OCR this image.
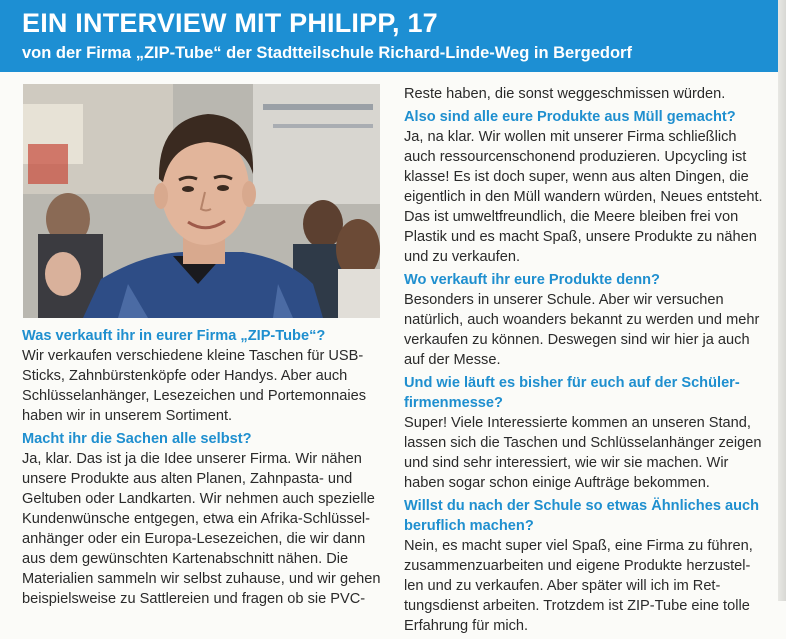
EIN INTERVIEW MIT PHILIPP, 17
von der Firma „ZIP-Tube“ der Stadtteilschule Richard-Linde-Weg in Bergedorf

Was verkauft ihr in eurer Firma „ZIP-Tube“?

Wir verkaufen verschiedene kleine Taschen für USB-
Sticks, Zahnbürstenköpfe oder Handys. Aber auch
Schlüsselanhänger, Lesezeichen und Portemonnaies
haben wir in unserem Sortiment.

Macht ihr die Sachen alle selbst?

Ja, klar. Das ist ja die Idee unserer Firma. Wir nähen
unsere Produkte aus alten Planen, Zahnpasta- und
Geltuben oder Landkarten. Wir nehmen auch spezielle
Kundenwünsche entgegen, etwa ein Afrika-Schlüssel-
anhänger oder ein Europa-Lesezeichen, die wir dann
aus dem gewünschten Kartenabschnitt nähen. Die
Materialien sammeln wir selbst zuhause, und wir gehen
beispielsweise zu Sattlereien und fragen ob sie PVC-

Reste haben, die sonst weggeschmissen würden.

Also sind alle eure Produkte aus Müll gemacht?

Ja, na klar. Wir wollen mit unserer Firma schließlich
auch ressourcenschonend produzieren. Upcycling ist
klasse! Es ist doch super, wenn aus alten Dingen, die
eigentlich in den Müll wandern würden, Neues entsteht.
Das ist umweltfreundlich, die Meere bleiben frei von
Plastik und es macht Spaß, unsere Produkte zu nähen
und zu verkaufen.

Wo verkauft ihr eure Produkte denn?

Besonders in unserer Schule. Aber wir versuchen
natürlich, auch woanders bekannt zu werden und mehr
verkaufen zu können. Deswegen sind wir hier ja auch
auf der Messe.

Und wie läuft es bisher für euch auf der Schüler-
firmenmesse?

Super! Viele Interessierte kommen an unseren Stand,
lassen sich die Taschen und Schlüsselanhänger zeigen
und sind sehr interessiert, wie wir sie machen. Wir
haben sogar schon einige Aufträge bekommen.

Willst du nach der Schule so etwas Ähnliches auch
beruflich machen?

Nein, es macht super viel Spaß, eine Firma zu führen,
zusammenzuarbeiten und eigene Produkte herzustel-
len und zu verkaufen. Aber später will ich im Ret-
tungsdienst arbeiten. Trotzdem ist ZIP-Tube eine tolle
Erfahrung für mich.
